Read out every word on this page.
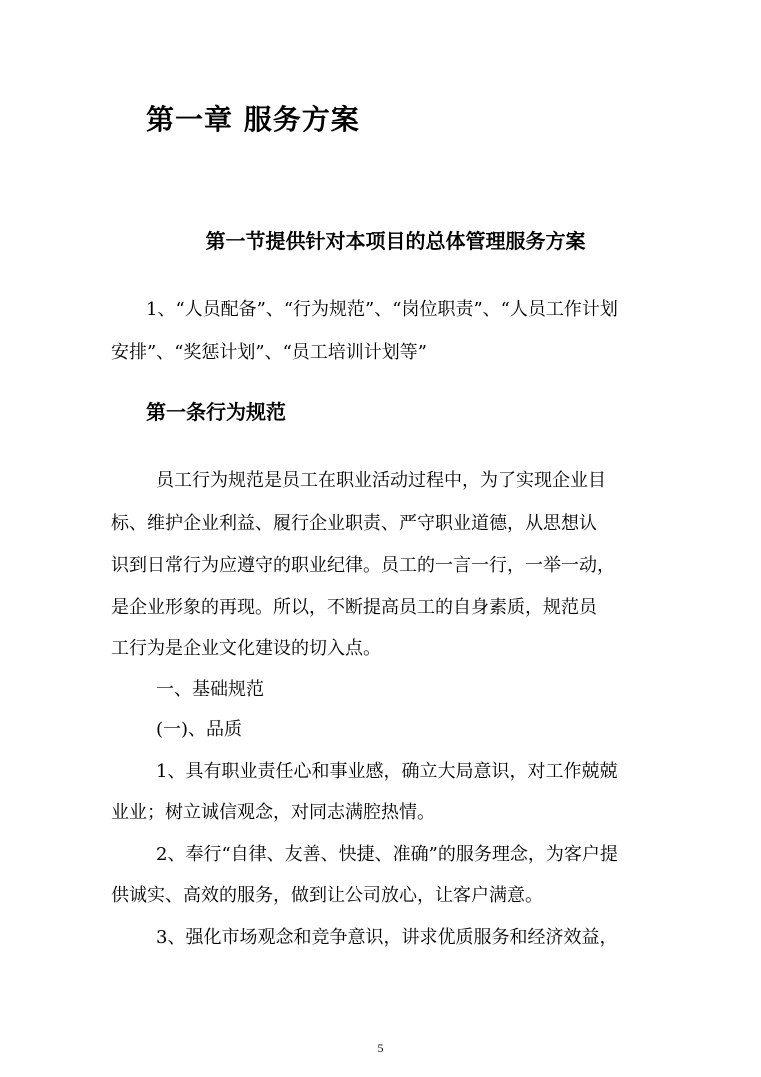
第一章 服务方案
第一节提供针对本项目的总体管理服务方案
1、“人员配备”、“行为规范”、“岗位职责”、“人员工作计划
安排”、“奖惩计划”、“员工培训计划等”
第一条行为规范
员工行为规范是员工在职业活动过程中，为了实现企业目
标、维护企业利益、履行企业职责、严守职业道德，从思想认
识到日常行为应遵守的职业纪律。员工的一言一行，一举一动，
是企业形象的再现。所以，不断提高员工的自身素质，规范员
工行为是企业文化建设的切入点。
一、基础规范
(一)、品质
1、具有职业责任心和事业感，确立大局意识，对工作兢兢
业业；树立诚信观念，对同志满腔热情。
2、奉行“自律、友善、快捷、准确”的服务理念，为客户提
供诚实、高效的服务，做到让公司放心，让客户满意。
3、强化市场观念和竞争意识，讲求优质服务和经济效益，
5
